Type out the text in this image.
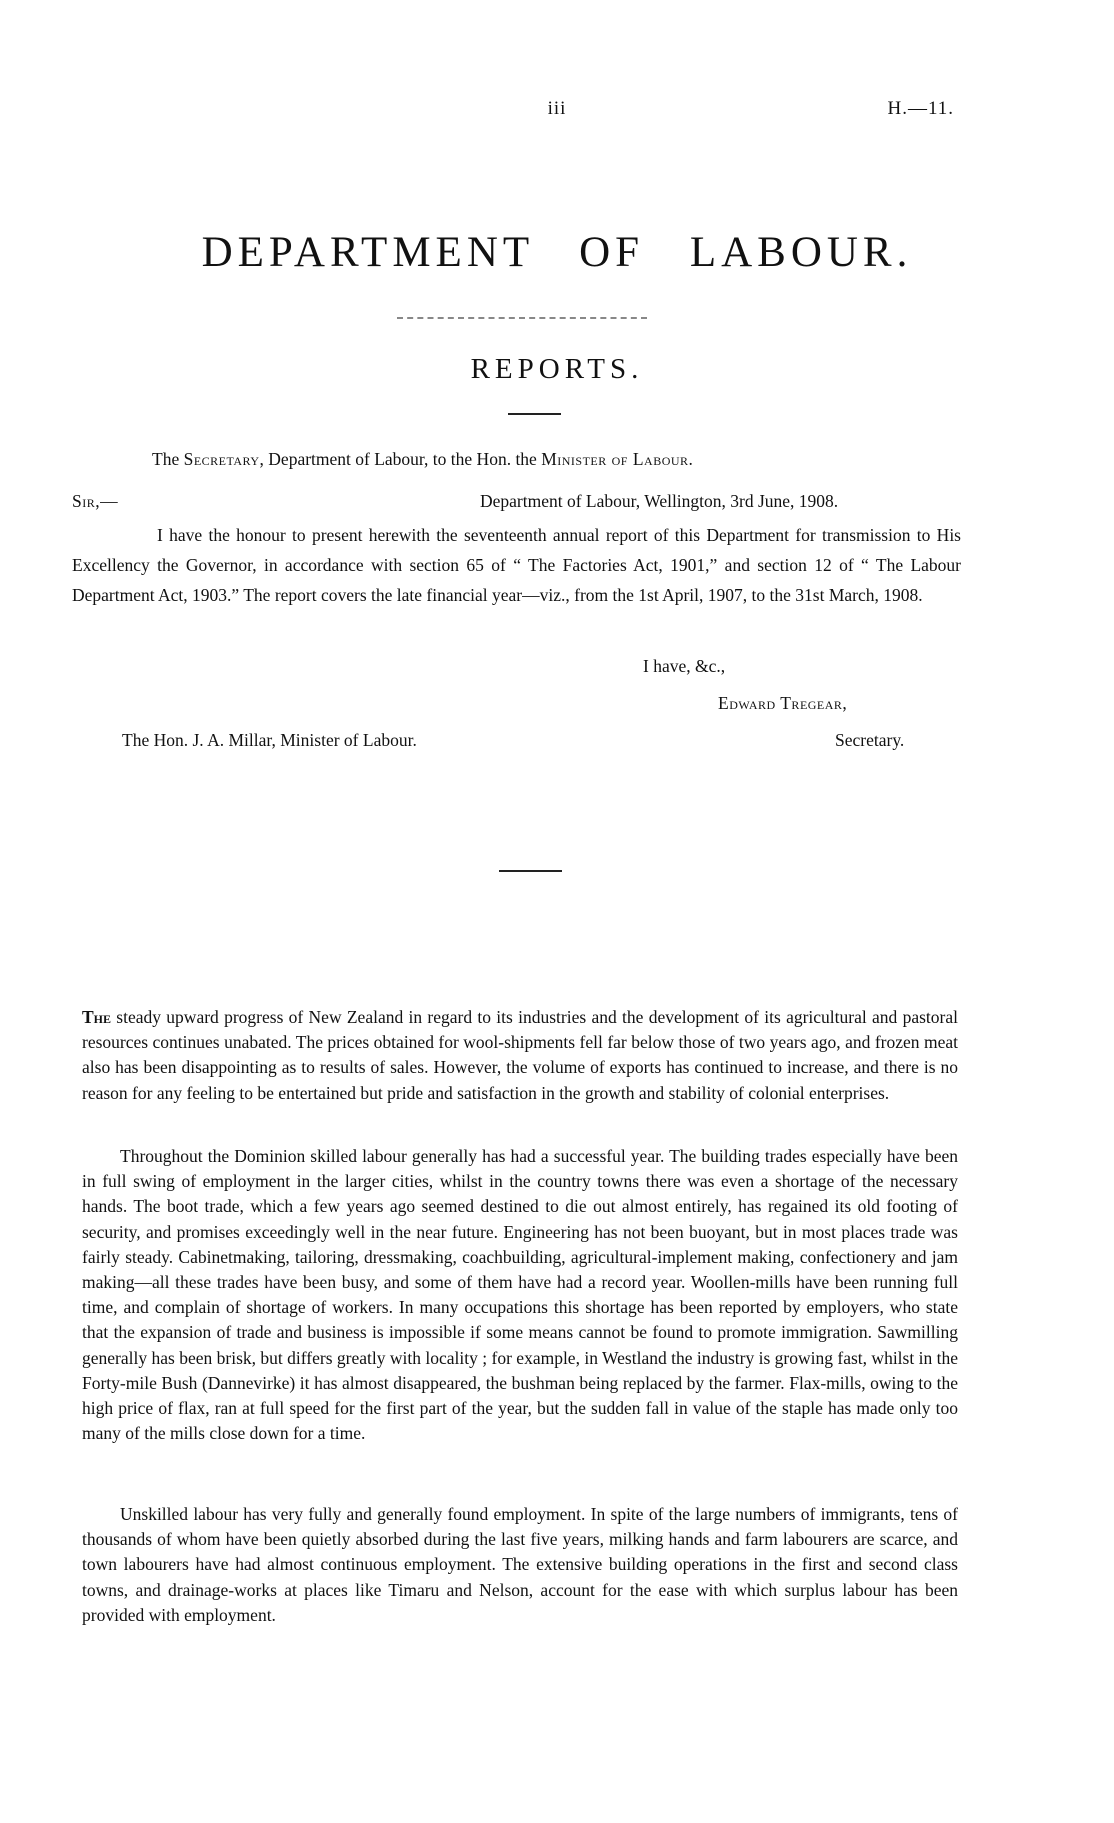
iii	H.—11.
DEPARTMENT OF LABOUR.
REPORTS.
The Secretary, Department of Labour, to the Hon. the Minister of Labour.
Sir,—	Department of Labour, Wellington, 3rd June, 1908.
I have the honour to present herewith the seventeenth annual report of this Department for transmission to His Excellency the Governor, in accordance with section 65 of “ The Factories Act, 1901,” and section 12 of “ The Labour Department Act, 1903.” The report covers the late financial year—viz., from the 1st April, 1907, to the 31st March, 1908.
I have, &c.,
Edward Tregear,
The Hon. J. A. Millar, Minister of Labour.	Secretary.

The steady upward progress of New Zealand in regard to its industries and the development of its agricultural and pastoral resources continues unabated. The prices obtained for wool-shipments fell far below those of two years ago, and frozen meat also has been disappointing as to results of sales. However, the volume of exports has continued to increase, and there is no reason for any feeling to be entertained but pride and satisfaction in the growth and stability of colonial enterprises.

Throughout the Dominion skilled labour generally has had a successful year. The building trades especially have been in full swing of employment in the larger cities, whilst in the country towns there was even a shortage of the necessary hands. The boot trade, which a few years ago seemed destined to die out almost entirely, has regained its old footing of security, and promises exceedingly well in the near future. Engineering has not been buoyant, but in most places trade was fairly steady. Cabinetmaking, tailoring, dressmaking, coachbuilding, agricultural-implement making, confectionery and jam making—all these trades have been busy, and some of them have had a record year. Woollen-mills have been running full time, and complain of shortage of workers. In many occupations this shortage has been reported by employers, who state that the expansion of trade and business is impossible if some means cannot be found to promote immigration. Sawmilling generally has been brisk, but differs greatly with locality ; for example, in Westland the industry is growing fast, whilst in the Forty-mile Bush (Dannevirke) it has almost disappeared, the bushman being replaced by the farmer. Flax-mills, owing to the high price of flax, ran at full speed for the first part of the year, but the sudden fall in value of the staple has made only too many of the mills close down for a time.

Unskilled labour has very fully and generally found employment. In spite of the large numbers of immigrants, tens of thousands of whom have been quietly absorbed during the last five years, milking hands and farm labourers are scarce, and town labourers have had almost continuous employment. The extensive building operations in the first and second class towns, and drainage-works at places like Timaru and Nelson, account for the ease with which surplus labour has been provided with employment.
